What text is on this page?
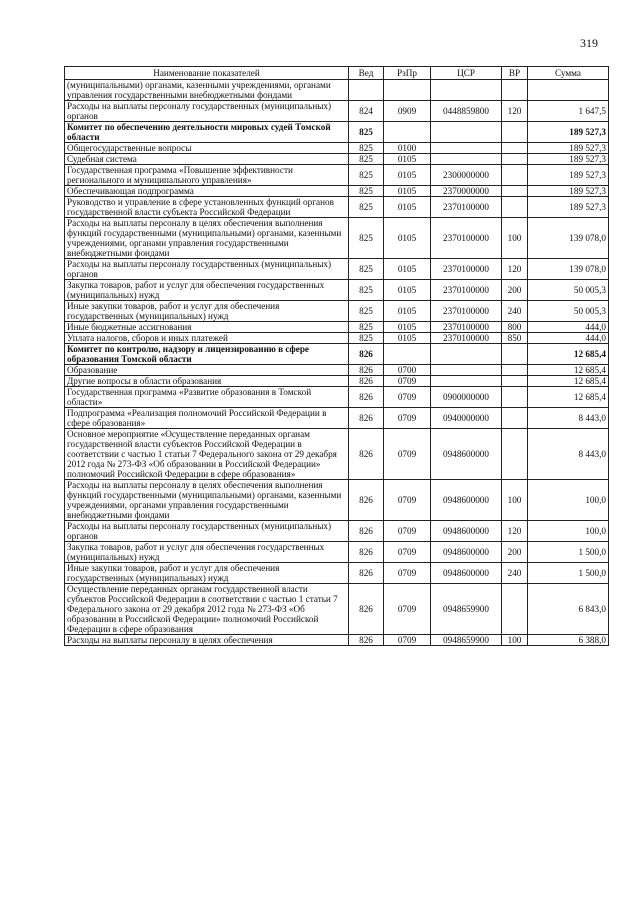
319
Наименование показателей	Вед	РзПр	ЦСР	ВР	Сумма
(муниципальными) органами, казенными учреждениями, органами управления государственными внебюджетными фондами					
Расходы на выплаты персоналу государственных (муниципальных) органов	824	0909	0448859800	120	1 647,5
Комитет по обеспечению деятельности мировых судей Томской области	825				189 527,3
Общегосударственные вопросы	825	0100			189 527,3
Судебная система	825	0105			189 527,3
Государственная программа «Повышение эффективности регионального и муниципального управления»	825	0105	2300000000		189 527,3
Обеспечивающая подпрограмма	825	0105	2370000000		189 527,3
Руководство и управление в сфере установленных функций органов государственной власти субъекта Российской Федерации	825	0105	2370100000		189 527,3
Расходы на выплаты персоналу в целях обеспечения выполнения функций государственными (муниципальными) органами, казенными учреждениями, органами управления государственными внебюджетными фондами	825	0105	2370100000	100	139 078,0
Расходы на выплаты персоналу государственных (муниципальных) органов	825	0105	2370100000	120	139 078,0
Закупка товаров, работ и услуг для обеспечения государственных (муниципальных) нужд	825	0105	2370100000	200	50 005,3
Иные закупки товаров, работ и услуг для обеспечения государственных (муниципальных) нужд	825	0105	2370100000	240	50 005,3
Иные бюджетные ассигнования	825	0105	2370100000	800	444,0
Уплата налогов, сборов и иных платежей	825	0105	2370100000	850	444,0
Комитет по контролю, надзору и лицензированию в сфере образования Томской области	826				12 685,4
Образование	826	0700			12 685,4
Другие вопросы в области образования	826	0709			12 685,4
Государственная программа «Развитие образования в Томской области»	826	0709	0900000000		12 685,4
Подпрограмма «Реализация полномочий Российской Федерации в сфере образования»	826	0709	0940000000		8 443,0
Основное мероприятие «Осуществление переданных органам государственной власти субъектов Российской Федерации в соответствии с частью 1 статьи 7 Федерального закона от 29 декабря 2012 года № 273-ФЗ «Об образовании в Российской Федерации» полномочий Российской Федерации в сфере образования»	826	0709	0948600000		8 443,0
Расходы на выплаты персоналу в целях обеспечения выполнения функций государственными (муниципальными) органами, казенными учреждениями, органами управления государственными внебюджетными фондами	826	0709	0948600000	100	100,0
Расходы на выплаты персоналу государственных (муниципальных) органов	826	0709	0948600000	120	100,0
Закупка товаров, работ и услуг для обеспечения государственных (муниципальных) нужд	826	0709	0948600000	200	1 500,0
Иные закупки товаров, работ и услуг для обеспечения государственных (муниципальных) нужд	826	0709	0948600000	240	1 500,0
Осуществление переданных органам государственной власти субъектов Российской Федерации в соответствии с частью 1 статьи 7 Федерального закона от 29 декабря 2012 года № 273-ФЗ «Об образовании в Российской Федерации» полномочий Российской Федерации в сфере образования	826	0709	0948659900		6 843,0
Расходы на выплаты персоналу в целях обеспечения	826	0709	0948659900	100	6 388,0
